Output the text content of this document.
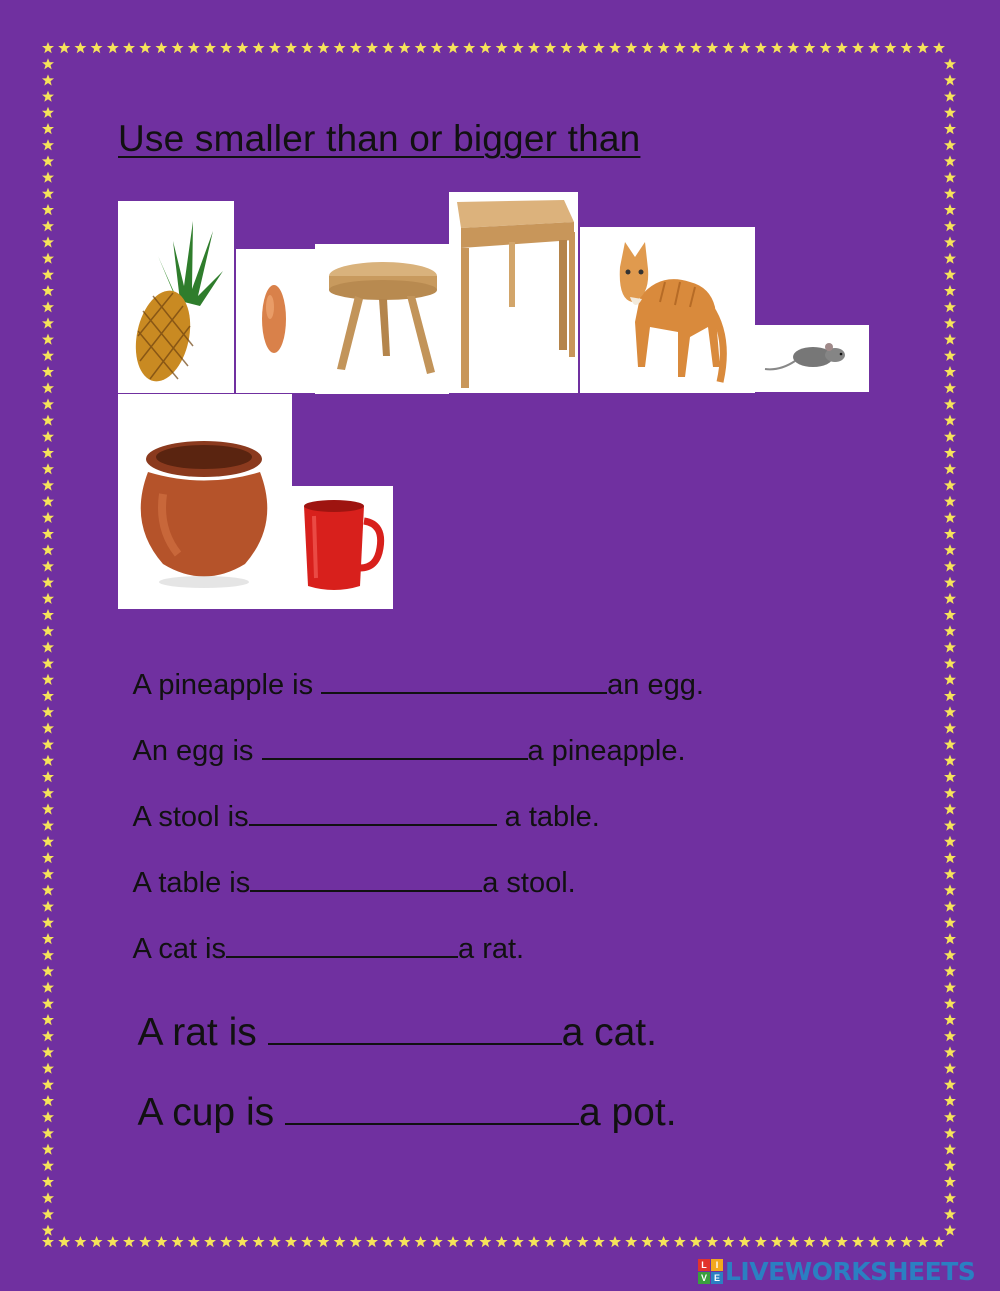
Use smaller than or bigger than

A pineapple is	an egg.

An egg is	a pineapple.

A stool is	a table.

A table is	a stool.

A cat is	a rat.

A rat is	a cat.

A cup is	a pot.

L I
V E LIVEWORKSHEETS
